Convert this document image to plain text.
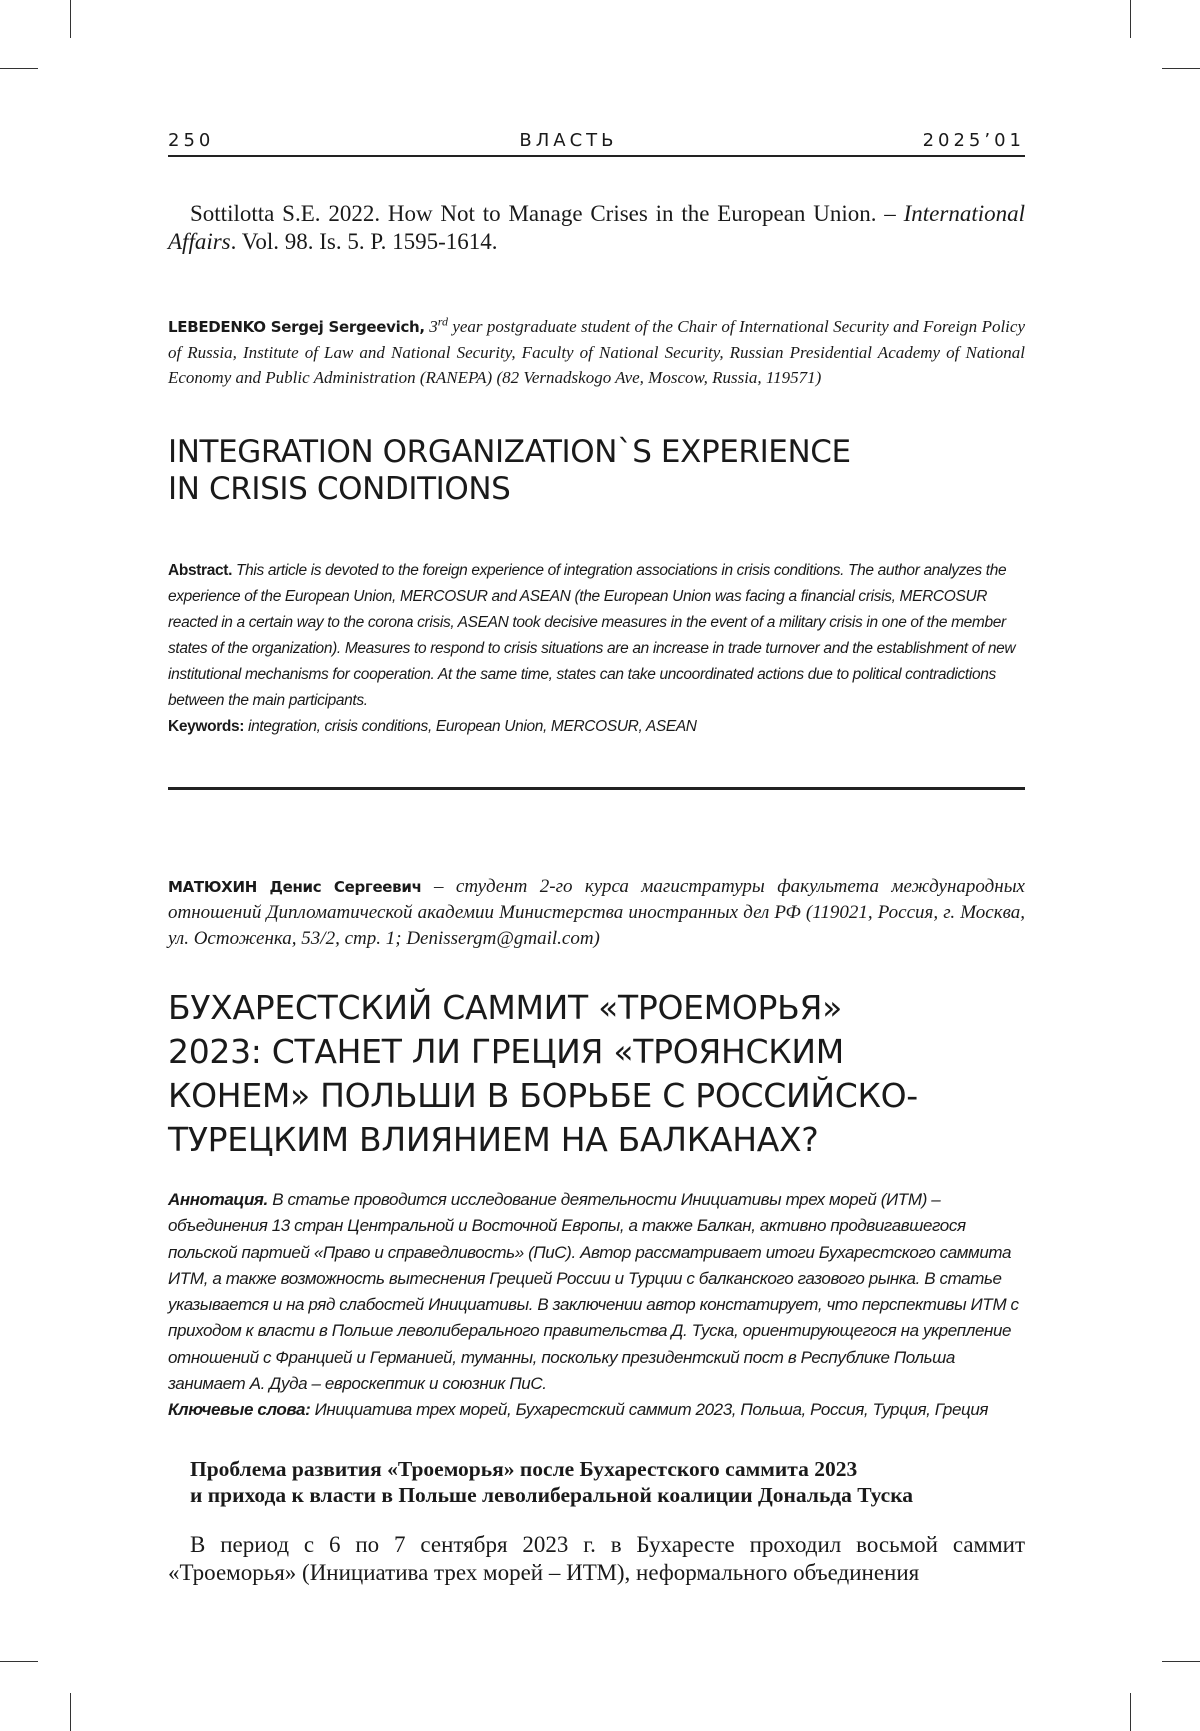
250	ВЛАСТЬ	2025’01

Sottilotta S.E. 2022. How Not to Manage Crises in the European Union. – International Affairs. Vol. 98. Is. 5. P. 1595-1614.

LEBEDENKO Sergej Sergeevich, 3rd year postgraduate student of the Chair of International Security and Foreign Policy of Russia, Institute of Law and National Security, Faculty of National Security, Russian Presidential Academy of National Economy and Public Administration (RANEPA) (82 Vernadskogo Ave, Moscow, Russia, 119571)
INTEGRATION ORGANIZATION`S EXPERIENCE
IN CRISIS CONDITIONS
Abstract. This article is devoted to the foreign experience of integration associations in crisis conditions. The author analyzes the experience of the European Union, MERCOSUR and ASEAN (the European Union was facing a financial crisis, MERCOSUR reacted in a certain way to the corona crisis, ASEAN took decisive measures in the event of a military crisis in one of the member states of the organization). Measures to respond to crisis situations are an increase in trade turnover and the establishment of new institutional mechanisms for cooperation. At the same time, states can take uncoordinated actions due to political contradictions between the main participants.
Keywords: integration, crisis conditions, European Union, MERCOSUR, ASEAN
МАТЮХИН Денис Сергеевич – студент 2-го курса магистратуры факультета международных отношений Дипломатической академии Министерства иностранных дел РФ (119021, Россия, г. Москва, ул. Остоженка, 53/2, стр. 1; Denissergm@gmail.com)
БУХАРЕСТСКИЙ САММИТ «ТРОЕМОРЬЯ»
2023: СТАНЕТ ЛИ ГРЕЦИЯ «ТРОЯНСКИМ
КОНЕМ» ПОЛЬШИ В БОРЬБЕ С РОССИЙСКО-
ТУРЕЦКИМ ВЛИЯНИЕМ НА БАЛКАНАХ?
Аннотация. В статье проводится исследование деятельности Инициативы трех морей (ИТМ) – объединения 13 стран Центральной и Восточной Европы, а также Балкан, активно продвигавшегося польской партией «Право и справедливость» (ПиС). Автор рассматривает итоги Бухарестского саммита ИТМ, а также возможность вытеснения Грецией России и Турции с балканского газового рынка. В статье указывается и на ряд слабостей Инициативы. В заключении автор констатирует, что перспективы ИТМ с приходом к власти в Польше леволиберального правительства Д. Туска, ориентирующегося на укрепление отношений с Францией и Германией, туманны, поскольку президентский пост в Республике Польша занимает А. Дуда – евроскептик и союзник ПиС.
Ключевые слова: Инициатива трех морей, Бухарестский саммит 2023, Польша, Россия, Турция, Греция
Проблема развития «Троеморья» после Бухарестского саммита 2023
и прихода к власти в Польше леволиберальной коалиции Дональда Туска

В период с 6 по 7 сентября 2023 г. в Бухаресте проходил восьмой саммит «Троеморья» (Инициатива трех морей – ИТМ), неформального объединения
